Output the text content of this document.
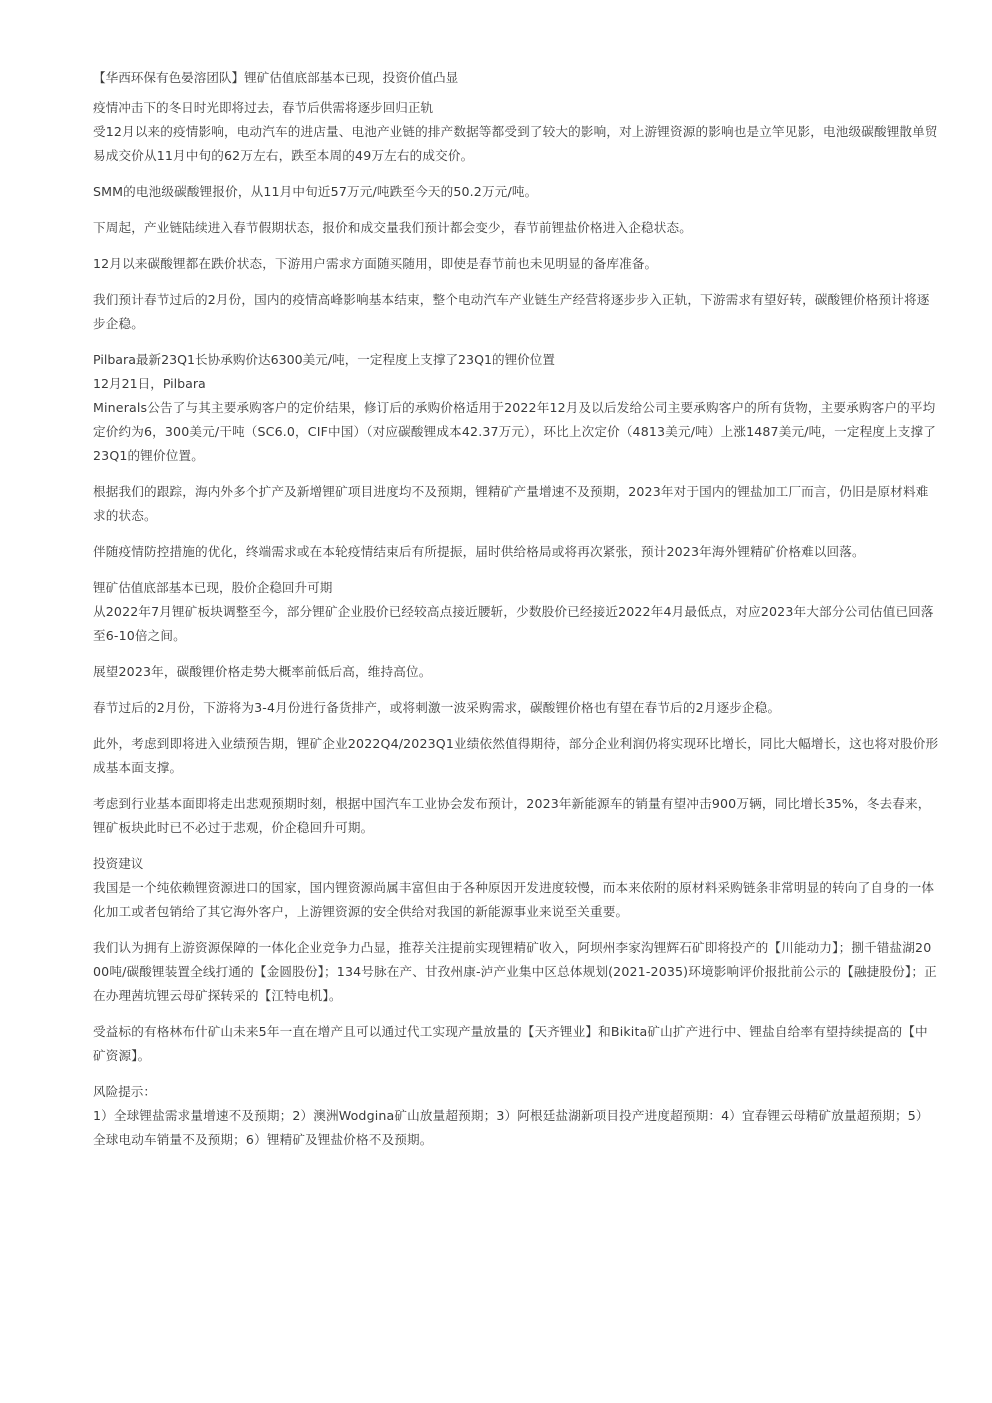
【华西环保有色晏溶团队】锂矿估值底部基本已现，投资价值凸显

疫情冲击下的冬日时光即将过去，春节后供需将逐步回归正轨

受12月以来的疫情影响，电动汽车的进店量、电池产业链的排产数据等都受到了较大的影响，对上游锂资源的影响也是立竿见影，电池级碳酸锂散单贸易成交价从11月中旬的62万左右，跌至本周的49万左右的成交价。

SMM的电池级碳酸锂报价，从11月中旬近57万元/吨跌至今天的50.2万元/吨。

下周起，产业链陆续进入春节假期状态，报价和成交量我们预计都会变少，春节前锂盐价格进入企稳状态。

12月以来碳酸锂都在跌价状态，下游用户需求方面随买随用，即使是春节前也未见明显的备库准备。

我们预计春节过后的2月份，国内的疫情高峰影响基本结束，整个电动汽车产业链生产经营将逐步步入正轨，下游需求有望好转，碳酸锂价格预计将逐步企稳。

Pilbara最新23Q1长协承购价达6300美元/吨，一定程度上支撑了23Q1的锂价位置

12月21日，Pilbara

Minerals公告了与其主要承购客户的定价结果，修订后的承购价格适用于2022年12月及以后发给公司主要承购客户的所有货物，主要承购客户的平均定价约为6，300美元/干吨（SC6.0，CIF中国）（对应碳酸锂成本42.37万元），环比上次定价（4813美元/吨）上涨1487美元/吨，一定程度上支撑了23Q1的锂价位置。

根据我们的跟踪，海内外多个扩产及新增锂矿项目进度均不及预期，锂精矿产量增速不及预期，2023年对于国内的锂盐加工厂而言，仍旧是原材料难求的状态。

伴随疫情防控措施的优化，终端需求或在本轮疫情结束后有所提振，届时供给格局或将再次紧张，预计2023年海外锂精矿价格难以回落。

锂矿估值底部基本已现，股价企稳回升可期

从2022年7月锂矿板块调整至今，部分锂矿企业股价已经较高点接近腰斩，少数股价已经接近2022年4月最低点，对应2023年大部分公司估值已回落至6-10倍之间。

展望2023年，碳酸锂价格走势大概率前低后高，维持高位。

春节过后的2月份，下游将为3-4月份进行备货排产，或将刺激一波采购需求，碳酸锂价格也有望在春节后的2月逐步企稳。

此外，考虑到即将进入业绩预告期，锂矿企业2022Q4/2023Q1业绩依然值得期待，部分企业利润仍将实现环比增长，同比大幅增长，这也将对股价形成基本面支撑。

考虑到行业基本面即将走出悲观预期时刻，根据中国汽车工业协会发布预计，2023年新能源车的销量有望冲击900万辆，同比增长35%，冬去春来，锂矿板块此时已不必过于悲观，价企稳回升可期。

投资建议

我国是一个纯依赖锂资源进口的国家，国内锂资源尚属丰富但由于各种原因开发进度较慢，而本来依附的原材料采购链条非常明显的转向了自身的一体化加工或者包销给了其它海外客户，上游锂资源的安全供给对我国的新能源事业来说至关重要。

我们认为拥有上游资源保障的一体化企业竞争力凸显，推荐关注提前实现锂精矿收入，阿坝州李家沟锂辉石矿即将投产的【川能动力】；捌千错盐湖2000吨/碳酸锂装置全线打通的【金圆股份】；134号脉在产、甘孜州康-泸产业集中区总体规划(2021-2035)环境影响评价报批前公示的【融捷股份】；正在办理茜坑锂云母矿探转采的【江特电机】。

受益标的有格林布什矿山未来5年一直在增产且可以通过代工实现产量放量的【天齐锂业】和Bikita矿山扩产进行中、锂盐自给率有望持续提高的【中矿资源】。

风险提示：

1）全球锂盐需求量增速不及预期；2）澳洲Wodgina矿山放量超预期；3）阿根廷盐湖新项目投产进度超预期：4）宜春锂云母精矿放量超预期；5）全球电动车销量不及预期；6）锂精矿及锂盐价格不及预期。
